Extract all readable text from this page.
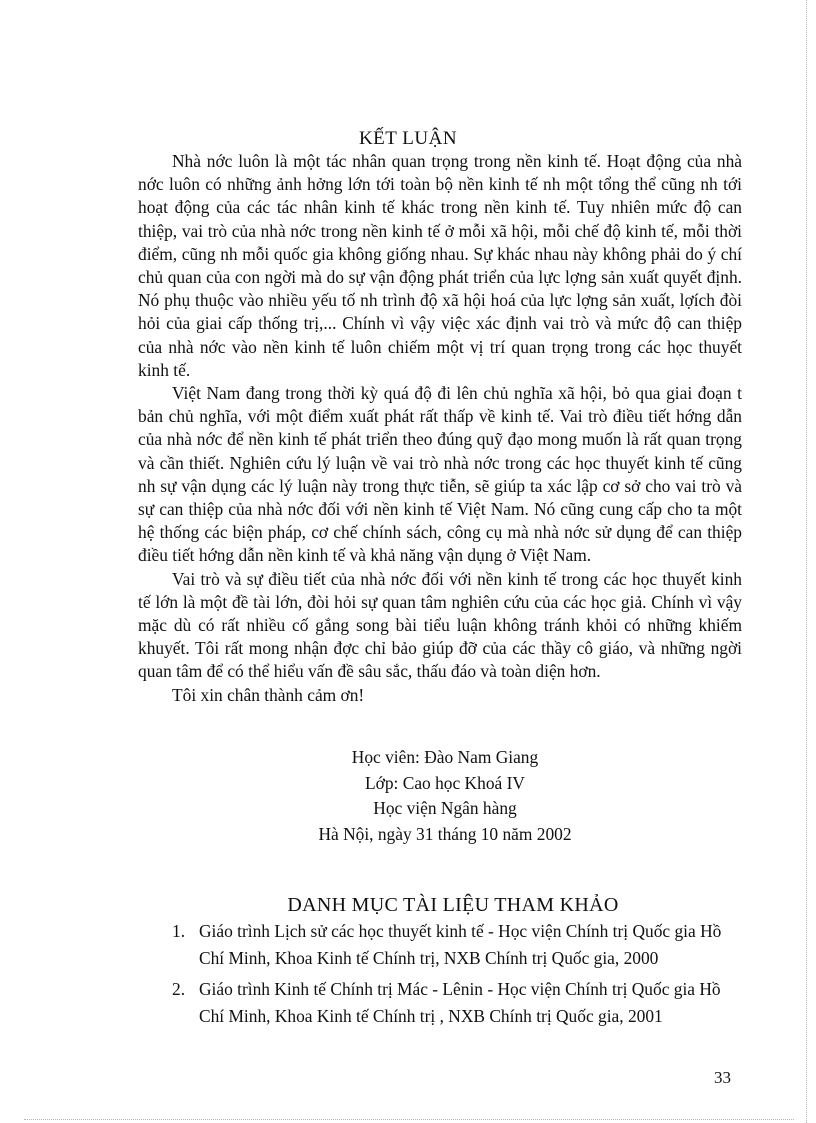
KẾT LUẬN

Nhà nớc luôn là một tác nhân quan trọng trong nền kinh tế. Hoạt động của nhà nớc luôn có những ảnh hởng lớn tới toàn bộ nền kinh tế nh một tổng thể cũng nh tới hoạt động của các tác nhân kinh tế khác trong nền kinh tế. Tuy nhiên mức độ can thiệp, vai trò của nhà nớc trong nền kinh tế ở mỗi xã hội, mỗi chế độ kinh tế, mỗi thời điểm, cũng nh mỗi quốc gia không giống nhau. Sự khác nhau này không phải do ý chí chủ quan của con ngời mà do sự vận động phát triển của lực lợng sản xuất quyết định. Nó phụ thuộc vào nhiều yếu tố nh trình độ xã hội hoá của lực lợng sản xuất, lợích đòi hỏi của giai cấp thống trị,... Chính vì vậy việc xác định vai trò và mức độ can thiệp của nhà nớc vào nền kinh tế luôn chiếm một vị trí quan trọng trong các học thuyết kinh tế.

Việt Nam đang trong thời kỳ quá độ đi lên chủ nghĩa xã hội, bỏ qua giai đoạn t bản chủ nghĩa, với một điểm xuất phát rất thấp về kinh tế. Vai trò điều tiết hớng dẫn của nhà nớc để nền kinh tế phát triển theo đúng quỹ đạo mong muốn là rất quan trọng và cần thiết. Nghiên cứu lý luận về vai trò nhà nớc trong các học thuyết kinh tế cũng nh sự vận dụng các lý luận này trong thực tiễn, sẽ giúp ta xác lập cơ sở cho vai trò và sự can thiệp của nhà nớc đối với nền kinh tế Việt Nam. Nó cũng cung cấp cho ta một hệ thống các biện pháp, cơ chế chính sách, công cụ mà nhà nớc sử dụng để can thiệp điều tiết hớng dẫn nền kinh tế và khả năng vận dụng ở Việt Nam.

Vai trò và sự điều tiết của nhà nớc đối với nền kinh tế trong các học thuyết kinh tế lớn là một đề tài lớn, đòi hỏi sự quan tâm nghiên cứu của các học giả. Chính vì vậy mặc dù có rất nhiều cố gắng song bài tiểu luận không tránh khỏi có những khiếm khuyết. Tôi rất mong nhận đợc chỉ bảo giúp đỡ của các thầy cô giáo, và những ngời quan tâm để có thể hiểu vấn đề sâu sắc, thấu đáo và toàn diện hơn.

Tôi xin chân thành cảm ơn!

Học viên: Đào Nam Giang
Lớp: Cao học Khoá IV
Học viện Ngân hàng
Hà Nội, ngày 31 tháng 10 năm 2002
DANH MỤC TÀI LIỆU THAM KHẢO
1. Giáo trình Lịch sử các học thuyết kinh tế - Học viện Chính trị Quốc gia Hồ Chí Minh, Khoa Kinh tế Chính trị, NXB Chính trị Quốc gia, 2000
2. Giáo trình Kinh tế Chính trị Mác - Lênin - Học viện Chính trị Quốc gia Hồ Chí Minh, Khoa Kinh tế Chính trị , NXB Chính trị Quốc gia, 2001
33
